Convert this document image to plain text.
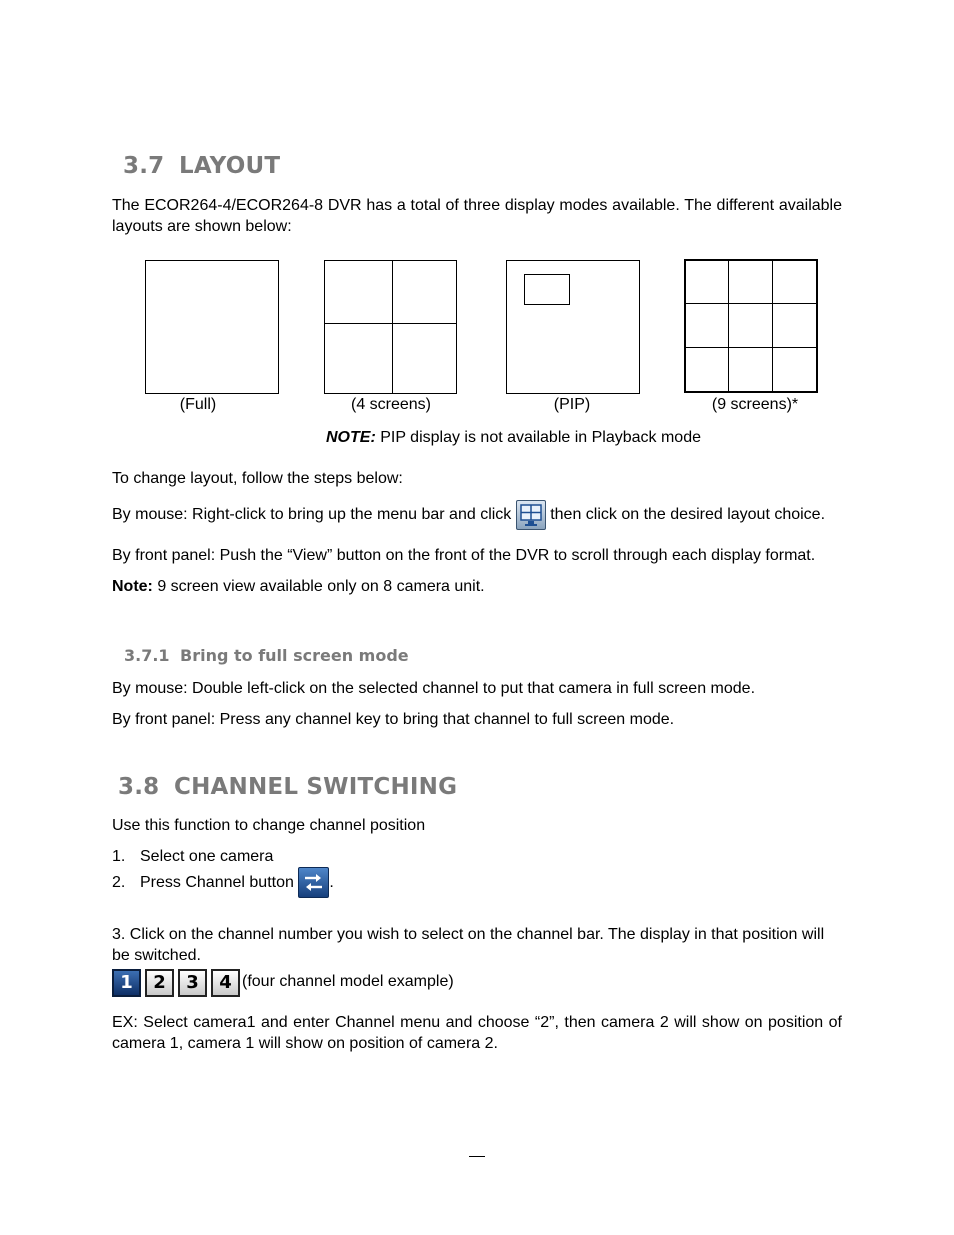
3.7 LAYOUT
The ECOR264-4/ECOR264-8 DVR has a total of three display modes available. The different available layouts are shown below:
(Full)	(4 screens)	(PIP)	(9 screens)*
NOTE: PIP display is not available in Playback mode
To change layout, follow the steps below:
By mouse: Right-click to bring up the menu bar and click
then click on the desired layout choice.
By front panel: Push the “View” button on the front of the DVR to scroll through each display format.
Note: 9 screen view available only on 8 camera unit.
3.7.1 Bring to full screen mode
By mouse: Double left-click on the selected channel to put that camera in full screen mode.
By front panel: Press any channel key to bring that channel to full screen mode.
3.8 CHANNEL SWITCHING
Use this function to change channel position
1. Select one camera
2. Press Channel button .
3. Click on the channel number you wish to select on the channel bar. The display in that position will be switched.
1 2 3 4 (four channel model example)
EX: Select camera1 and enter Channel menu and choose “2”, then camera 2 will show on position of camera 1, camera 1 will show on position of camera 2.
